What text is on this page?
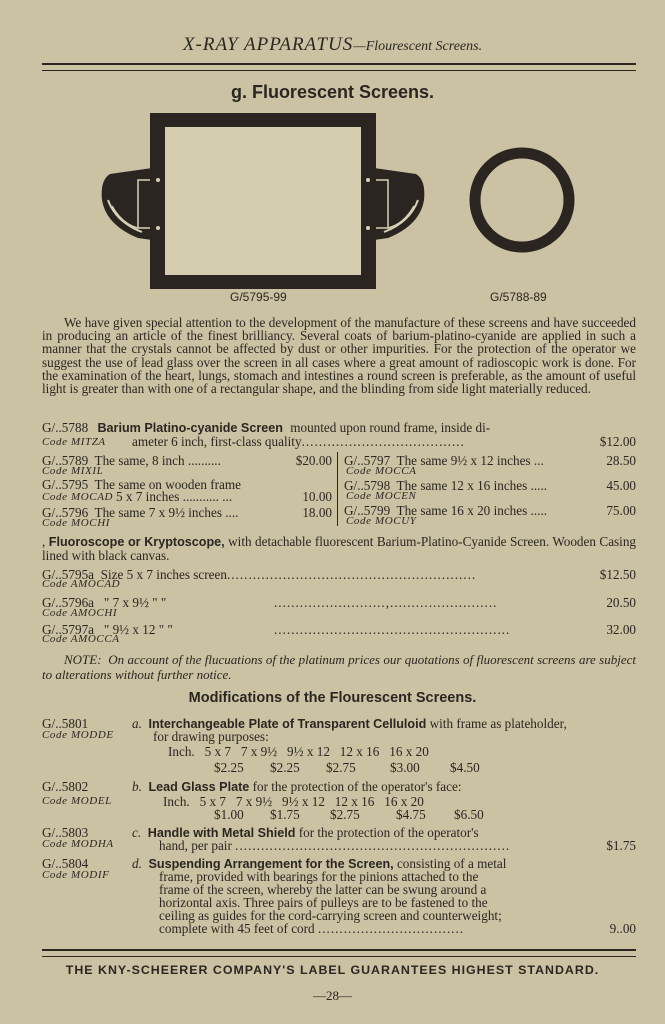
X-RAY APPARATUS—Flourescent Screens.
g. Fluorescent Screens.
G/5795-99	G/5788-89
We have given special attention to the development of the manufacture of these screens and have succeeded in producing an article of the finest brilliancy. Several coats of barium-platino-cyanide are applied in such a manner that the crystals cannot be affected by dust or other impurities. For the protection of the operator we suggest the use of lead glass over the screen in all cases where a great amount of radioscopic work is done. For the examination of the heart, lungs, stomach and intestines a round screen is preferable, as the amount of useful light is greater than with one of a rectangular shape, and the blinding from side light materially reduced.
G/..5788 Barium Platino-cyanide Screen mounted upon round frame, inside di-
Code MITZA ameter 6 inch, first-class quality......................................	$12.00
G/..5789 The same, 8 inch ..........	$20.00
Code MIXIL
G/..5795 The same on wooden frame
Code MOCAD 5 x 7 inches ........... ...	10.00
G/..5796 The same 7 x 9½ inches ....	18.00
Code MOCHI
G/..5797 The same 9½ x 12 inches ...	28.50
Code MOCCA
G/..5798 The same 12 x 16 inches .....	45.00
Code MOCEN
G/..5799 The same 16 x 20 inches .....	75.00
Code MOCUY
, Fluoroscope or Kryptoscope, with detachable fluorescent Barium-Platino-Cyanide Screen. Wooden Casing lined with black canvas.
G/..5795a Size 5 x 7 inches screen..........................................................	$12.50
Code AMOCAD
G/..5796a " 7 x 9½ " "	..........................,.........................	20.50
Code AMOCHI
G/..5797a " 9½ x 12 " "	.......................................................	32.00
Code AMOCCA
NOTE: On account of the flucuations of the platinum prices our quotations of fluorescent screens are subject to alterations without further notice.
Modifications of the Flourescent Screens.
G/..5801
Code MODDE
a. Interchangeable Plate of Transparent Celluloid with frame as plateholder,
for drawing purposes:
Inch. 5 x 7 7 x 9½ 9½ x 12 12 x 16 16 x 20
$2.25 $2.25 $2.75	$3.00 $4.50
G/..5802
Code MODEL
b. Lead Glass Plate for the protection of the operator's face:
Inch. 5 x 7 7 x 9½ 9½ x 12 12 x 16 16 x 20
$1.00 $1.75 $2.75	$4.75 $6.50
G/..5803
Code MODHA
c. Handle with Metal Shield for the protection of the operator's
hand, per pair ................................................................	$1.75
G/..5804
Code MODIF
d. Suspending Arrangement for the Screen, consisting of a metal
frame, provided with bearings for the pinions attached to the
frame of the screen, whereby the latter can be swung around a
horizontal axis. Three pairs of pulleys are to be fastened to the
ceiling as guides for the cord-carrying screen and counterweight;
complete with 45 feet of cord ..................................	9..00
THE KNY-SCHEERER COMPANY'S LABEL GUARANTEES HIGHEST STANDARD.
—28—
